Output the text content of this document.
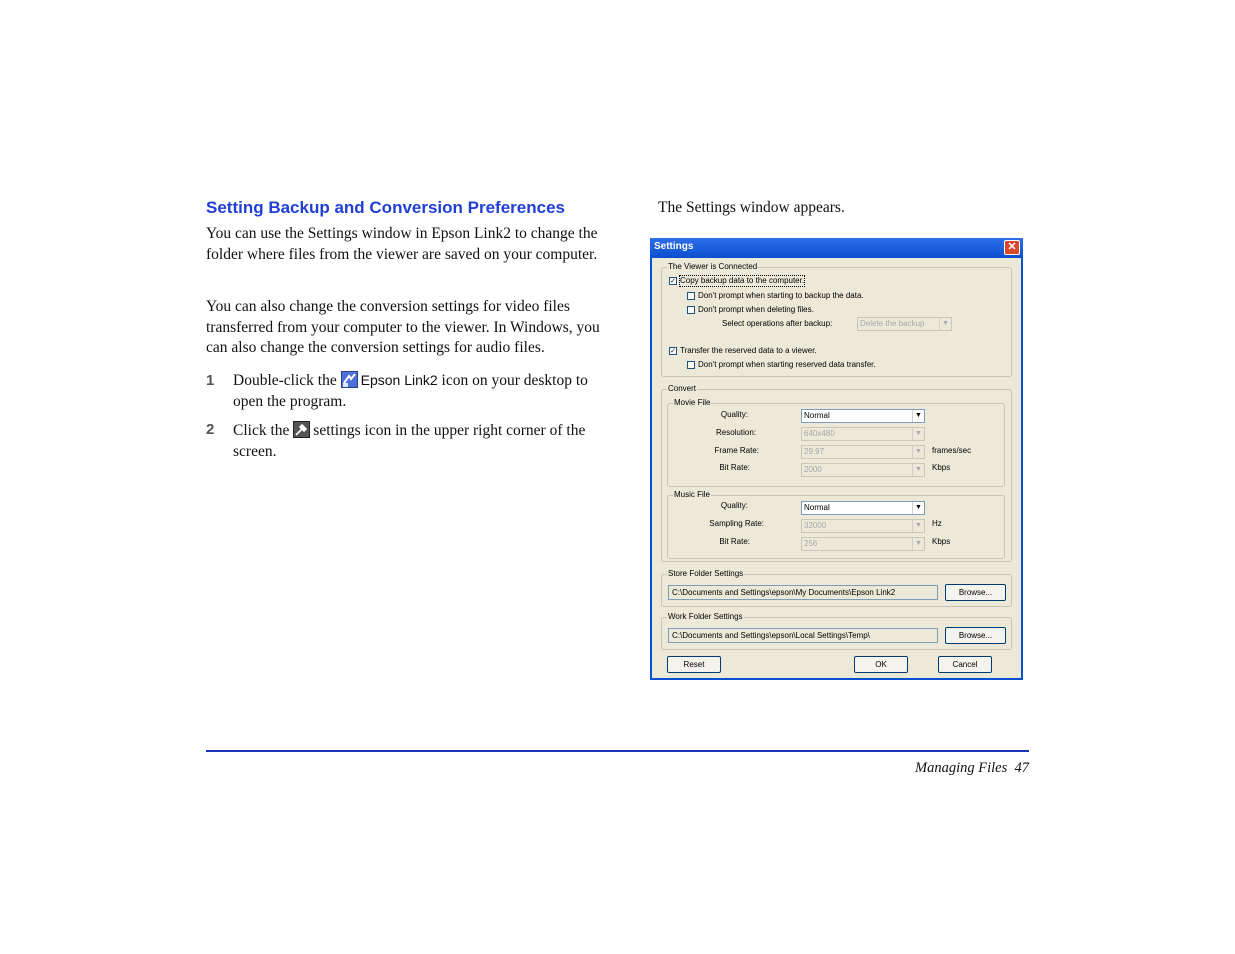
Setting Backup and Conversion Preferences
You can use the Settings window in Epson Link2 to change the folder where files from the viewer are saved on your computer.
You can also change the conversion settings for video files transferred from your computer to the viewer. In Windows, you can also change the conversion settings for audio files.
1 Double-click the Epson Link2 icon on your desktop to open the program.
2 Click the settings icon in the upper right corner of the screen.
The Settings window appears.
Settings	✕
The Viewer is Connected
✓ Copy backup data to the computer.
Don't prompt when starting to backup the data.
Don't prompt when deleting files.
Select operations after backup:	Delete the backup	▼
✓ Transfer the reserved data to a viewer.
Don't prompt when starting reserved data transfer.
Convert
Movie File
Quality:	Normal	▼
Resolution:	640x480	▼
Frame Rate:	29.97	▼ frames/sec
Bit Rate:	2000	▼ Kbps
Music File
Quality:	Normal	▼
Sampling Rate:	32000	▼ Hz
Bit Rate:	256	▼ Kbps
Store Folder Settings
C:\Documents and Settings\epson\My Documents\Epson Link2	Browse...
Work Folder Settings
C:\Documents and Settings\epson\Local Settings\Temp\	Browse...
Reset	OK	Cancel
Managing Files 47
